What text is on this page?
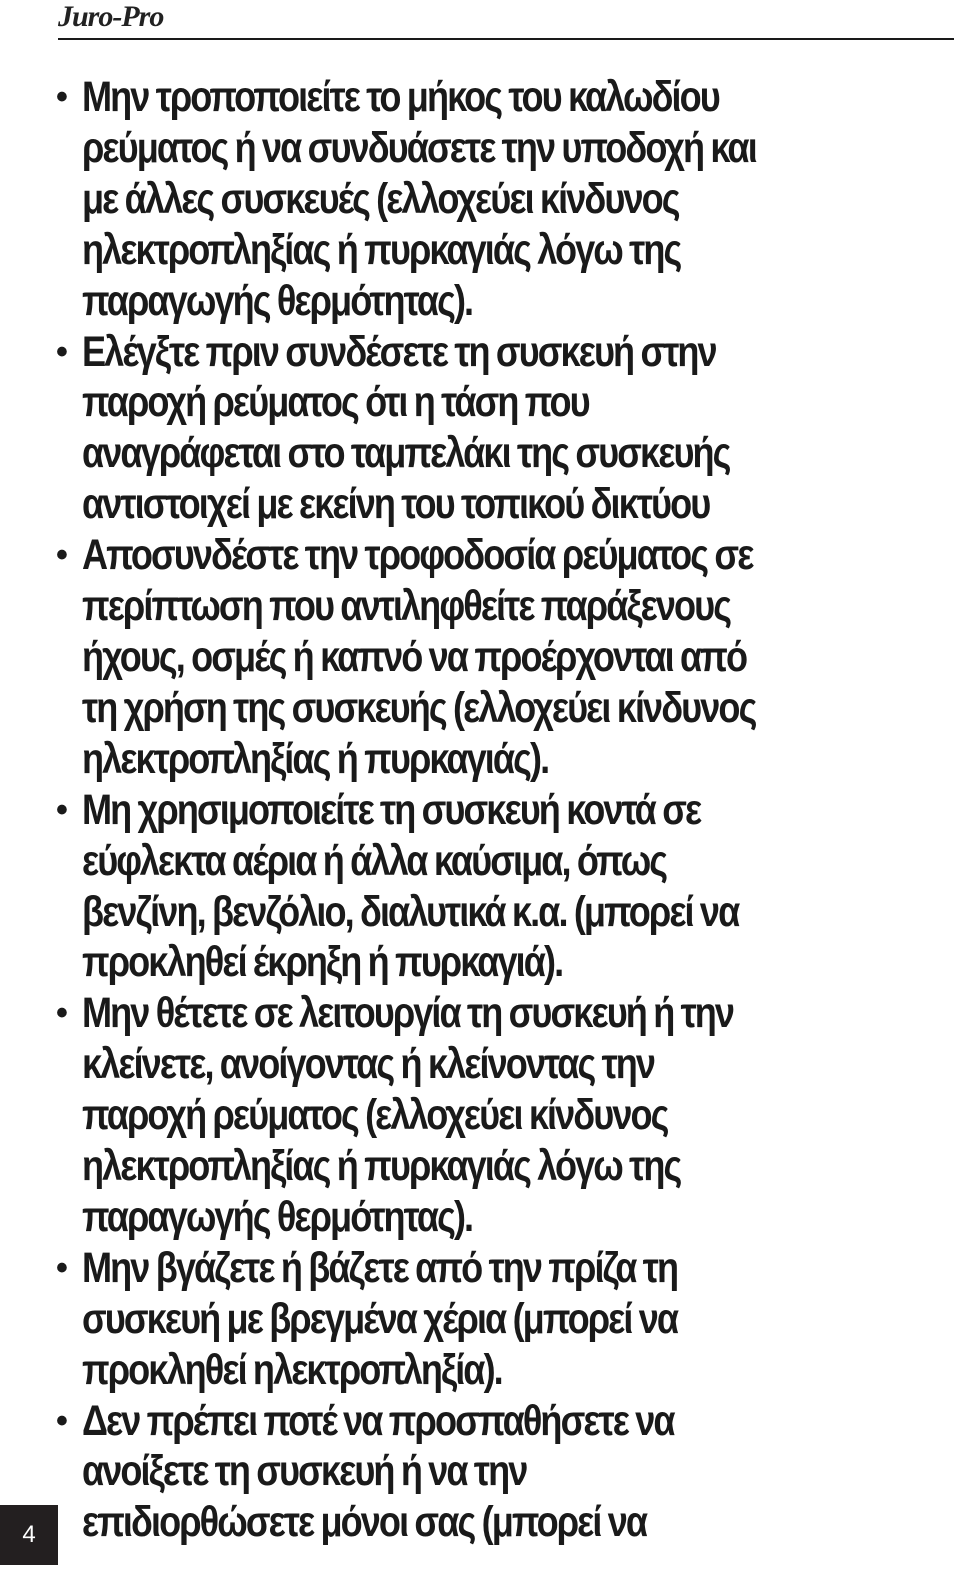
Juro-Pro
• Μην τροποποιείτε το μήκος του καλωδίου
ρεύματος ή να συνδυάσετε την υποδοχή και
με άλλες συσκευές (ελλοχεύει κίνδυνος
ηλεκτροπληξίας ή πυρκαγιάς λόγω της
παραγωγής θερμότητας).
• Ελέγξτε πριν συνδέσετε τη συσκευή στην
παροχή ρεύματος ότι η τάση που
αναγράφεται στο ταμπελάκι της συσκευής
αντιστοιχεί με εκείνη του τοπικού δικτύου
• Αποσυνδέστε την τροφοδοσία ρεύματος σε
περίπτωση που αντιληφθείτε παράξενους
ήχους, οσμές ή καπνό να προέρχονται από
τη χρήση της συσκευής (ελλοχεύει κίνδυνος
ηλεκτροπληξίας ή πυρκαγιάς).
• Μη χρησιμοποιείτε τη συσκευή κοντά σε
εύφλεκτα αέρια ή άλλα καύσιμα, όπως
βενζίνη, βενζόλιο, διαλυτικά κ.α. (μπορεί να
προκληθεί έκρηξη ή πυρκαγιά).
• Μην θέτετε σε λειτουργία τη συσκευή ή την
κλείνετε, ανοίγοντας ή κλείνοντας την
παροχή ρεύματος (ελλοχεύει κίνδυνος
ηλεκτροπληξίας ή πυρκαγιάς λόγω της
παραγωγής θερμότητας).
• Μην βγάζετε ή βάζετε από την πρίζα τη
συσκευή με βρεγμένα χέρια (μπορεί να
προκληθεί ηλεκτροπληξία).
• Δεν πρέπει ποτέ να προσπαθήσετε να
ανοίξετε τη συσκευή ή να την
επιδιορθώσετε μόνοι σας (μπορεί να
4
